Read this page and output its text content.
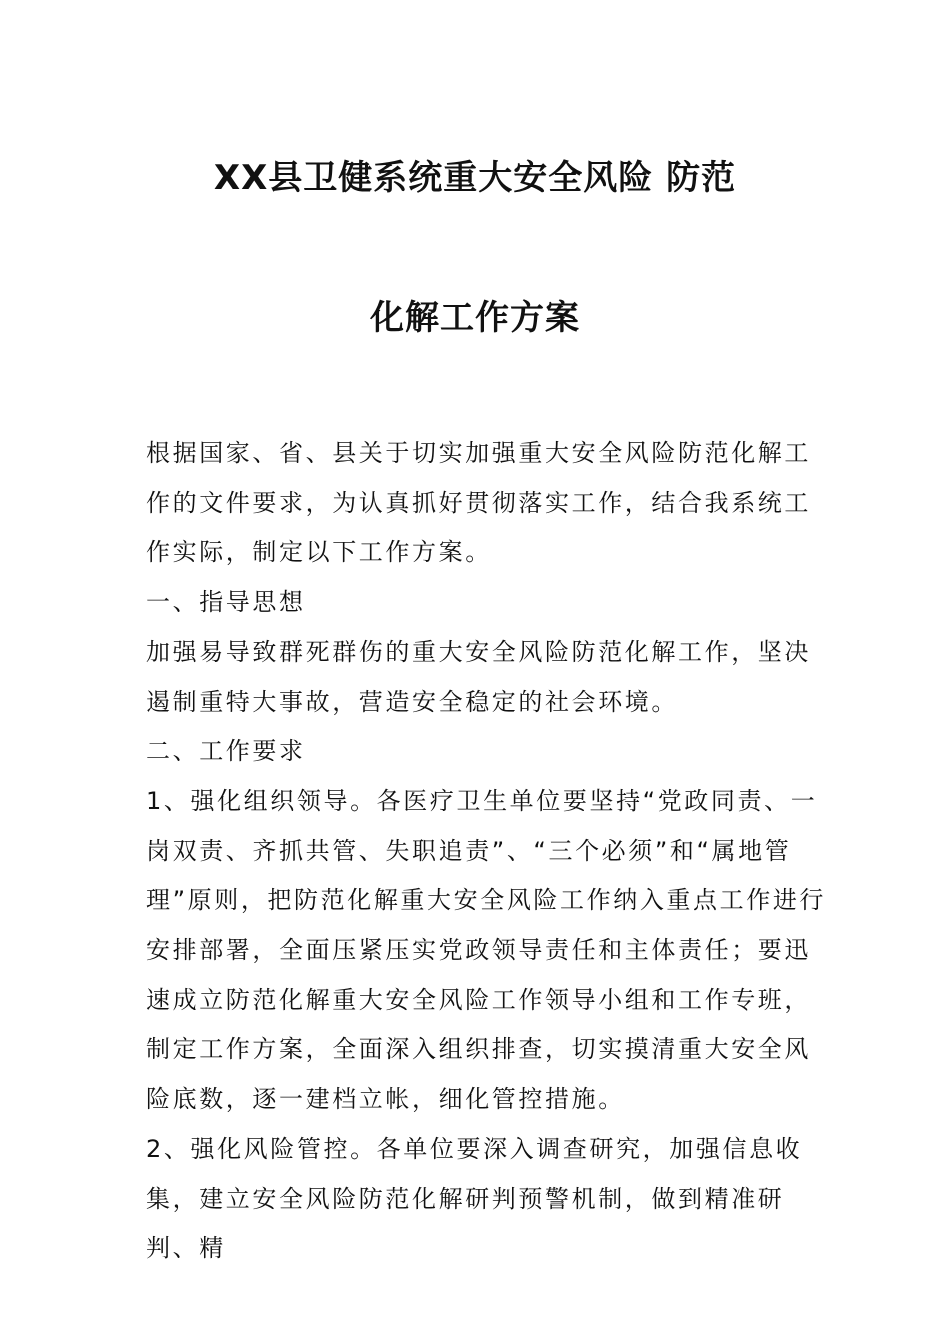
XX县卫健系统重大安全风险 防范
化解工作方案

根据国家、省、县关于切实加强重大安全风险防范化解工作的文件要求，为认真抓好贯彻落实工作，结合我系统工作实际，制定以下工作方案。

一、指导思想

加强易导致群死群伤的重大安全风险防范化解工作，坚决遏制重特大事故，营造安全稳定的社会环境。

二、工作要求

1、强化组织领导。各医疗卫生单位要坚持“党政同责、一岗双责、齐抓共管、失职追责”、“三个必须”和“属地管理”原则，把防范化解重大安全风险工作纳入重点工作进行安排部署，全面压紧压实党政领导责任和主体责任；要迅速成立防范化解重大安全风险工作领导小组和工作专班，制定工作方案，全面深入组织排查，切实摸清重大安全风险底数，逐一建档立帐，细化管控措施。

2、强化风险管控。各单位要深入调查研究，加强信息收集，建立安全风险防范化解研判预警机制，做到精准研判、精
